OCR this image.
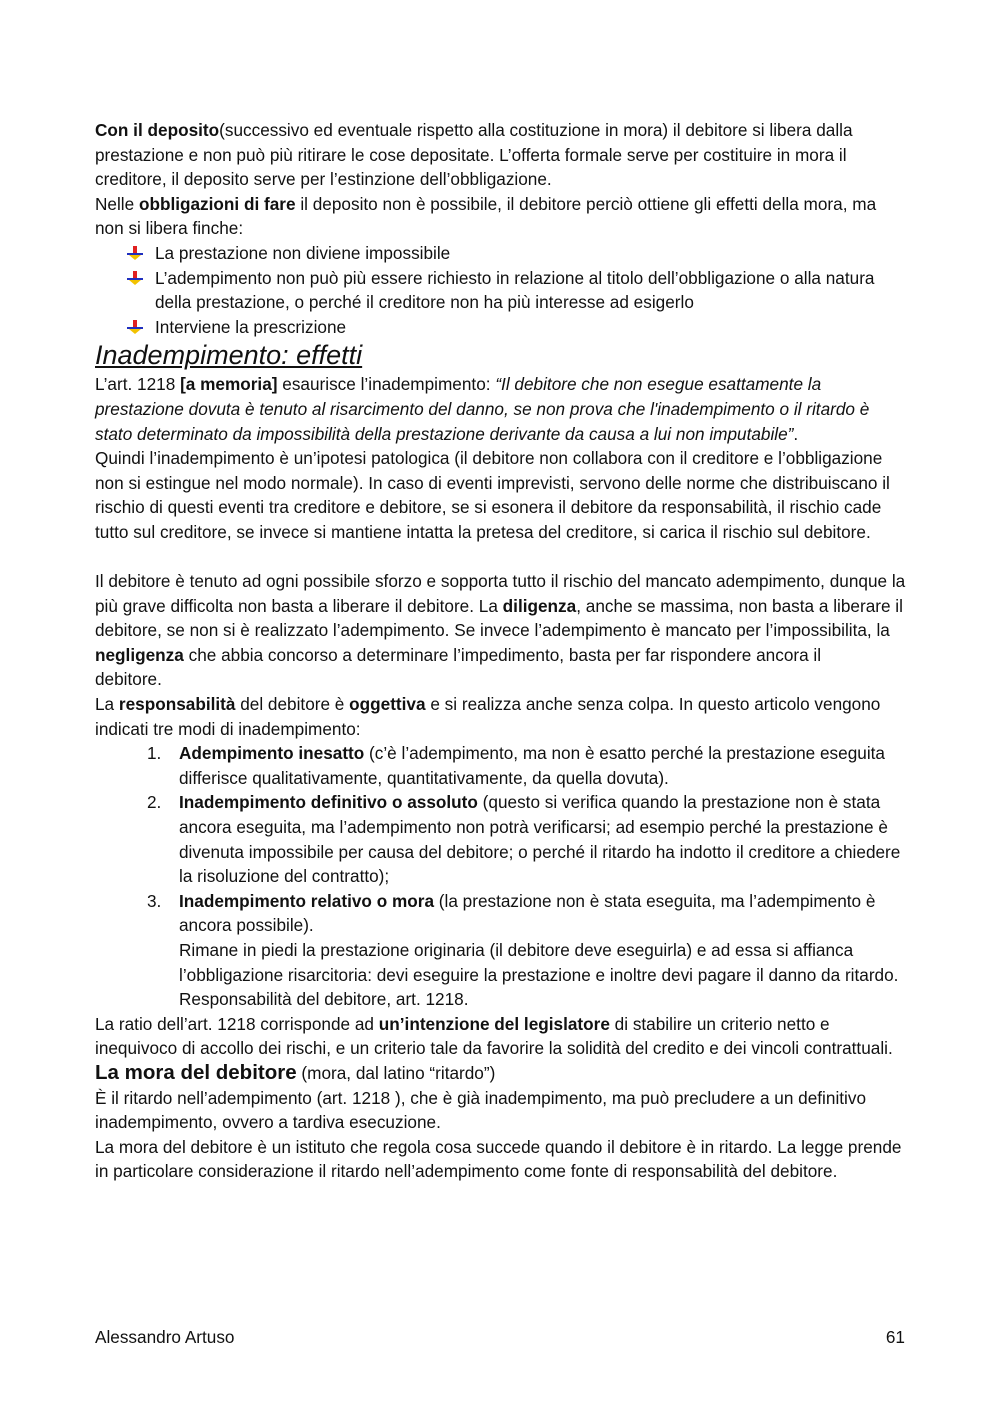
Con il deposito(successivo ed eventuale rispetto alla costituzione in mora) il debitore si libera dalla prestazione e non può più ritirare le cose depositate. L’offerta formale serve per costituire in mora il creditore, il deposito serve per l’estinzione dell’obbligazione.

Nelle obbligazioni di fare il deposito non è possibile, il debitore perciò ottiene gli effetti della mora, ma non si libera finche:

La prestazione non diviene impossibile
L’adempimento non può più essere richiesto in relazione al titolo dell’obbligazione o alla natura della prestazione, o perché il creditore non ha più interesse ad esigerlo
Interviene la prescrizione
Inadempimento: effetti

L’art. 1218 [a memoria] esaurisce l’inadempimento: “Il debitore che non esegue esattamente la prestazione dovuta è tenuto al risarcimento del danno, se non prova che l'inadempimento o il ritardo è stato determinato da impossibilità della prestazione derivante da causa a lui non imputabile”.

Quindi l’inadempimento è un’ipotesi patologica (il debitore non collabora con il creditore e l’obbligazione non si estingue nel modo normale). In caso di eventi imprevisti, servono delle norme che distribuiscano il rischio di questi eventi tra creditore e debitore, se si esonera il debitore da responsabilità, il rischio cade tutto sul creditore, se invece si mantiene intatta la pretesa del creditore, si carica il rischio sul debitore.

Il debitore è tenuto ad ogni possibile sforzo e sopporta tutto il rischio del mancato adempimento, dunque la più grave difficolta non basta a liberare il debitore. La diligenza, anche se massima, non basta a liberare il debitore, se non si è realizzato l’adempimento. Se invece l’adempimento è mancato per l’impossibilita, la negligenza che abbia concorso a determinare l’impedimento, basta per far rispondere ancora il

debitore.

La responsabilità del debitore è oggettiva e si realizza anche senza colpa. In questo articolo vengono indicati tre modi di inadempimento:

1. Adempimento inesatto (c’è l’adempimento, ma non è esatto perché la prestazione eseguita differisce qualitativamente, quantitativamente, da quella dovuta).
2. Inadempimento definitivo o assoluto (questo si verifica quando la prestazione non è stata ancora eseguita, ma l’adempimento non potrà verificarsi; ad esempio perché la prestazione è divenuta impossibile per causa del debitore; o perché il ritardo ha indotto il creditore a chiedere la risoluzione del contratto);
3. Inadempimento relativo o mora (la prestazione non è stata eseguita, ma l’adempimento è ancora possibile).
Rimane in piedi la prestazione originaria (il debitore deve eseguirla) e ad essa si affianca l’obbligazione risarcitoria: devi eseguire la prestazione e inoltre devi pagare il danno da ritardo. Responsabilità del debitore, art. 1218.

La ratio dell’art. 1218 corrisponde ad un’intenzione del legislatore di stabilire un criterio netto e inequivoco di accollo dei rischi, e un criterio tale da favorire la solidità del credito e dei vincoli contrattuali.

La mora del debitore (mora, dal latino “ritardo”)

È il ritardo nell’adempimento (art. 1218 ), che è già inadempimento, ma può precludere a un definitivo inadempimento, ovvero a tardiva esecuzione.

La mora del debitore è un istituto che regola cosa succede quando il debitore è in ritardo. La legge prende in particolare considerazione il ritardo nell’adempimento come fonte di responsabilità del debitore.

Alessandro Artuso	61
